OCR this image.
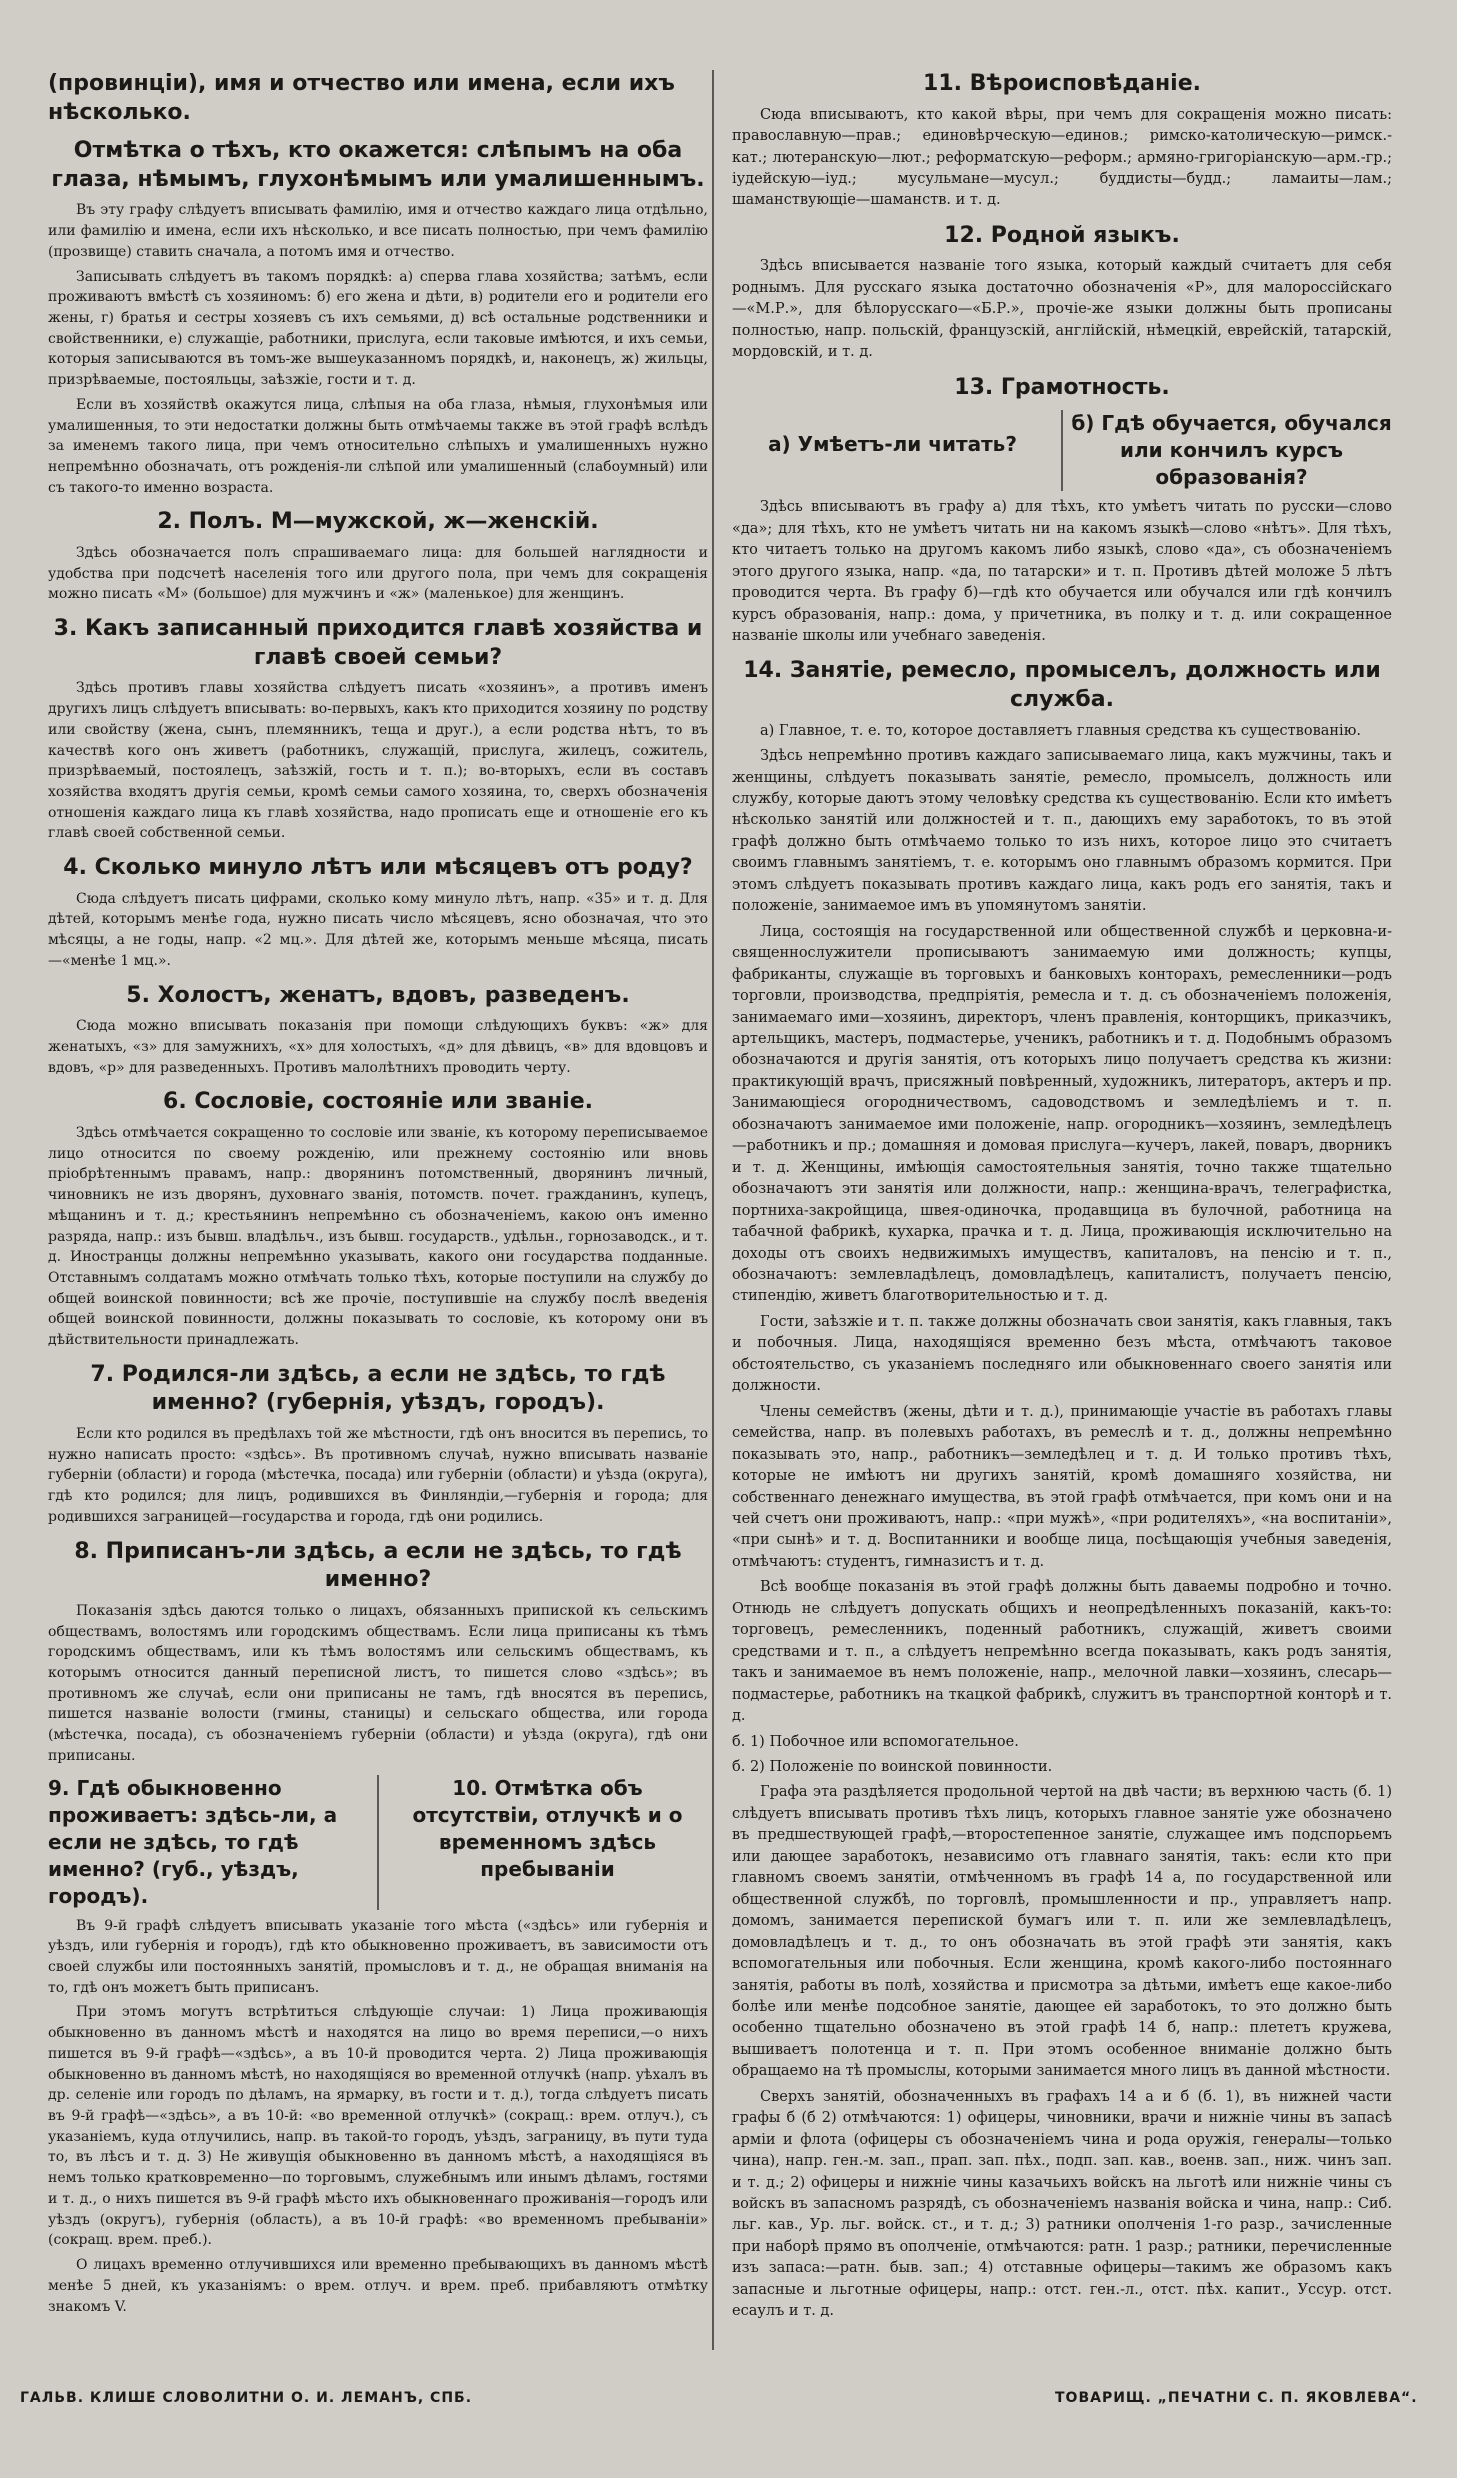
(провинціи), имя и отчество или имена, если ихъ нѣсколько.
Отмѣтка о тѣхъ, кто окажется: слѣпымъ на оба глаза, нѣмымъ, глухонѣмымъ или умалишеннымъ.

Въ эту графу слѣдуетъ вписывать фамилію, имя и отчество каждаго лица отдѣльно, или фамилію и имена, если ихъ нѣсколько, и все писать полностью, при чемъ фамилію (прозвище) ставить сначала, а потомъ имя и отчество.

Записывать слѣдуетъ въ такомъ порядкѣ: а) сперва глава хозяйства; затѣмъ, если проживаютъ вмѣстѣ съ хозяиномъ: б) его жена и дѣти, в) родители его и родители его жены, г) братья и сестры хозяевъ съ ихъ семьями, д) всѣ остальные родственники и свойственники, е) служащіе, работники, прислуга, если таковые имѣются, и ихъ семьи, которыя записываются въ томъ-же вышеуказанномъ порядкѣ, и, наконецъ, ж) жильцы, призрѣваемые, постояльцы, заѣзжіе, гости и т. д.

Если въ хозяйствѣ окажутся лица, слѣпыя на оба глаза, нѣмыя, глухонѣмыя или умалишенныя, то эти недостатки должны быть отмѣчаемы также въ этой графѣ вслѣдъ за именемъ такого лица, при чемъ относительно слѣпыхъ и умалишенныхъ нужно непремѣнно обозначать, отъ рожденія-ли слѣпой или умалишенный (слабоумный) или съ такого-то именно возраста.

2. Полъ. М—мужской, ж—женскій.

Здѣсь обозначается полъ спрашиваемаго лица: для большей наглядности и удобства при подсчетѣ населенія того или другого пола, при чемъ для сокращенія можно писать «М» (большое) для мужчинъ и «ж» (маленькое) для женщинъ.

3. Какъ записанный приходится главѣ хозяйства и главѣ своей семьи?

Здѣсь противъ главы хозяйства слѣдуетъ писать «хозяинъ», а противъ именъ другихъ лицъ слѣдуетъ вписывать: во-первыхъ, какъ кто приходится хозяину по родству или свойству (жена, сынъ, племянникъ, теща и друг.), а если родства нѣтъ, то въ качествѣ кого онъ живетъ (работникъ, служащій, прислуга, жилецъ, сожитель, призрѣваемый, постоялецъ, заѣзжій, гость и т. п.); во-вторыхъ, если въ составъ хозяйства входятъ другія семьи, кромѣ семьи самого хозяина, то, сверхъ обозначенія отношенія каждаго лица къ главѣ хозяйства, надо прописать еще и отношеніе его къ главѣ своей собственной семьи.

4. Сколько минуло лѣтъ или мѣсяцевъ отъ роду?

Сюда слѣдуетъ писать цифрами, сколько кому минуло лѣтъ, напр. «35» и т. д. Для дѣтей, которымъ менѣе года, нужно писать число мѣсяцевъ, ясно обозначая, что это мѣсяцы, а не годы, напр. «2 мц.». Для дѣтей же, которымъ меньше мѣсяца, писать—«менѣе 1 мц.».

5. Холостъ, женатъ, вдовъ, разведенъ.

Сюда можно вписывать показанія при помощи слѣдующихъ буквъ: «ж» для женатыхъ, «з» для замужнихъ, «х» для холостыхъ, «д» для дѣвицъ, «в» для вдовцовъ и вдовъ, «р» для разведенныхъ. Противъ малолѣтнихъ проводить черту.

6. Сословіе, состояніе или званіе.

Здѣсь отмѣчается сокращенно то сословіе или званіе, къ которому переписываемое лицо относится по своему рожденію, или прежнему состоянію или вновь пріобрѣтеннымъ правамъ, напр.: дворянинъ потомственный, дворянинъ личный, чиновникъ не изъ дворянъ, духовнаго званія, потомств. почет. гражданинъ, купецъ, мѣщанинъ и т. д.; крестьянинъ непремѣнно съ обозначеніемъ, какою онъ именно разряда, напр.: изъ бывш. владѣльч., изъ бывш. государств., удѣльн., горнозаводск., и т. д. Иностранцы должны непремѣнно указывать, какого они государства подданные. Отставнымъ солдатамъ можно отмѣчать только тѣхъ, которые поступили на службу до общей воинской повинности; всѣ же прочіе, поступившіе на службу послѣ введенія общей воинской повинности, должны показывать то сословіе, къ которому они въ дѣйствительности принадлежать.

7. Родился-ли здѣсь, а если не здѣсь, то гдѣ именно? (губернія, уѣздъ, городъ).

Если кто родился въ предѣлахъ той же мѣстности, гдѣ онъ вносится въ перепись, то нужно написать просто: «здѣсь». Въ противномъ случаѣ, нужно вписывать названіе губерніи (области) и города (мѣстечка, посада) или губерніи (области) и уѣзда (округа), гдѣ кто родился; для лицъ, родившихся въ Финляндіи,—губернія и города; для родившихся заграницей—государства и города, гдѣ они родились.

8. Приписанъ-ли здѣсь, а если не здѣсь, то гдѣ именно?

Показанія здѣсь даются только о лицахъ, обязанныхъ припиской къ сельскимъ обществамъ, волостямъ или городскимъ обществамъ. Если лица приписаны къ тѣмъ городскимъ обществамъ, или къ тѣмъ волостямъ или сельскимъ обществамъ, къ которымъ относится данный переписной листъ, то пишется слово «здѣсь»; въ противномъ же случаѣ, если они приписаны не тамъ, гдѣ вносятся въ перепись, пишется названіе волости (гмины, станицы) и сельскаго общества, или города (мѣстечка, посада), съ обозначеніемъ губерніи (области) и уѣзда (округа), гдѣ они приписаны.

9. Гдѣ обыкновенно проживаетъ: здѣсь-ли, а если не здѣсь, то гдѣ именно? (губ., уѣздъ, городъ).
10. Отмѣтка объ отсутствіи, отлучкѣ и о временномъ здѣсь пребываніи

Въ 9-й графѣ слѣдуетъ вписывать указаніе того мѣста («здѣсь» или губернія и уѣздъ, или губернія и городъ), гдѣ кто обыкновенно проживаетъ, въ зависимости отъ своей службы или постоянныхъ занятій, промысловъ и т. д., не обращая вниманія на то, гдѣ онъ можетъ быть приписанъ.

При этомъ могутъ встрѣтиться слѣдующіе случаи: 1) Лица проживающія обыкновенно въ данномъ мѣстѣ и находятся на лицо во время переписи,—о нихъ пишется въ 9-й графѣ—«здѣсь», а въ 10-й проводится черта. 2) Лица проживающія обыкновенно въ данномъ мѣстѣ, но находящіяся во временной отлучкѣ (напр. уѣхалъ въ др. селеніе или городъ по дѣламъ, на ярмарку, въ гости и т. д.), тогда слѣдуетъ писать въ 9-й графѣ—«здѣсь», а въ 10-й: «во временной отлучкѣ» (сокращ.: врем. отлуч.), съ указаніемъ, куда отлучились, напр. въ такой-то городъ, уѣздъ, заграницу, въ пути туда то, въ лѣсъ и т. д. 3) Не живущія обыкновенно въ данномъ мѣстѣ, а находящіяся въ немъ только кратковременно—по торговымъ, служебнымъ или инымъ дѣламъ, гостями и т. д., о нихъ пишется въ 9-й графѣ мѣсто ихъ обыкновеннаго проживанія—городъ или уѣздъ (округъ), губернія (область), а въ 10-й графѣ: «во временномъ пребываніи» (сокращ. врем. преб.).

О лицахъ временно отлучившихся или временно пребывающихъ въ данномъ мѣстѣ менѣе 5 дней, къ указаніямъ: о врем. отлуч. и врем. преб. прибавляютъ отмѣтку знакомъ V.

11. Вѣроисповѣданіе.

Сюда вписываютъ, кто какой вѣры, при чемъ для сокращенія можно писать: православную—прав.; единовѣрческую—единов.; римско-католическую—римск.-кат.; лютеранскую—лют.; реформатскую—реформ.; армяно-григоріанскую—арм.-гр.; іудейскую—іуд.; мусульмане—мусул.; буддисты—будд.; ламаиты—лам.; шаманствующіе—шаманств. и т. д.

12. Родной языкъ.

Здѣсь вписывается названіе того языка, который каждый считаетъ для себя роднымъ. Для русскаго языка достаточно обозначенія «Р», для малороссійскаго—«М.Р.», для бѣлорусскаго—«Б.Р.», прочіе-же языки должны быть прописаны полностью, напр. польскій, французскій, англійскій, нѣмецкій, еврейскій, татарскій, мордовскій, и т. д.

13. Грамотность.
а) Умѣетъ-ли читать?
б) Гдѣ обучается, обучался или кончилъ курсъ образованія?

Здѣсь вписываютъ въ графу а) для тѣхъ, кто умѣетъ читать по русски—слово «да»; для тѣхъ, кто не умѣетъ читать ни на какомъ языкѣ—слово «нѣтъ». Для тѣхъ, кто читаетъ только на другомъ какомъ либо языкѣ, слово «да», съ обозначеніемъ этого другого языка, напр. «да, по татарски» и т. п. Противъ дѣтей моложе 5 лѣтъ проводится черта. Въ графу б)—гдѣ кто обучается или обучался или гдѣ кончилъ курсъ образованія, напр.: дома, у причетника, въ полку и т. д. или сокращенное названіе школы или учебнаго заведенія.

14. Занятіе, ремесло, промыселъ, должность или служба.

а) Главное, т. е. то, которое доставляетъ главныя средства къ существованію.

Здѣсь непремѣнно противъ каждаго записываемаго лица, какъ мужчины, такъ и женщины, слѣдуетъ показывать занятіе, ремесло, промыселъ, должность или службу, которые даютъ этому человѣку средства къ существованію. Если кто имѣетъ нѣсколько занятій или должностей и т. п., дающихъ ему заработокъ, то въ этой графѣ должно быть отмѣчаемо только то изъ нихъ, которое лицо это считаетъ своимъ главнымъ занятіемъ, т. е. которымъ оно главнымъ образомъ кормится. При этомъ слѣдуетъ показывать противъ каждаго лица, какъ родъ его занятія, такъ и положеніе, занимаемое имъ въ упомянутомъ занятіи.

Лица, состоящія на государственной или общественной службѣ и церковна-и-священнослужители прописываютъ занимаемую ими должность; купцы, фабриканты, служащіе въ торговыхъ и банковыхъ конторахъ, ремесленники—родъ торговли, производства, предпріятія, ремесла и т. д. съ обозначеніемъ положенія, занимаемаго ими—хозяинъ, директоръ, членъ правленія, конторщикъ, приказчикъ, артельщикъ, мастеръ, подмастерье, ученикъ, работникъ и т. д. Подобнымъ образомъ обозначаются и другія занятія, отъ которыхъ лицо получаетъ средства къ жизни: практикующій врачъ, присяжный повѣренный, художникъ, литераторъ, актеръ и пр. Занимающіеся огородничествомъ, садоводствомъ и земледѣліемъ и т. п. обозначаютъ занимаемое ими положеніе, напр. огородникъ—хозяинъ, земледѣлецъ—работникъ и пр.; домашняя и домовая прислуга—кучеръ, лакей, поваръ, дворникъ и т. д. Женщины, имѣющія самостоятельныя занятія, точно также тщательно обозначаютъ эти занятія или должности, напр.: женщина-врачъ, телеграфистка, портниха-закройщица, швея-одиночка, продавщица въ булочной, работница на табачной фабрикѣ, кухарка, прачка и т. д. Лица, проживающія исключительно на доходы отъ своихъ недвижимыхъ имуществъ, капиталовъ, на пенсію и т. п., обозначаютъ: землевладѣлецъ, домовладѣлецъ, капиталистъ, получаетъ пенсію, стипендію, живетъ благотворительностью и т. д.

Гости, заѣзжіе и т. п. также должны обозначать свои занятія, какъ главныя, такъ и побочныя. Лица, находящіяся временно безъ мѣста, отмѣчаютъ таковое обстоятельство, съ указаніемъ последняго или обыкновеннаго своего занятія или должности.

Члены семействъ (жены, дѣти и т. д.), принимающіе участіе въ работахъ главы семейства, напр. въ полевыхъ работахъ, въ ремеслѣ и т. д., должны непремѣнно показывать это, напр., работникъ—земледѣлец и т. д. И только противъ тѣхъ, которые не имѣютъ ни другихъ занятій, кромѣ домашняго хозяйства, ни собственнаго денежнаго имущества, въ этой графѣ отмѣчается, при комъ они и на чей счетъ они проживаютъ, напр.: «при мужѣ», «при родителяхъ», «на воспитаніи», «при сынѣ» и т. д. Воспитанники и вообще лица, посѣщающія учебныя заведенія, отмѣчаютъ: студентъ, гимназистъ и т. д.

Всѣ вообще показанія въ этой графѣ должны быть даваемы подробно и точно. Отнюдь не слѣдуетъ допускать общихъ и неопредѣленныхъ показаній, какъ-то: торговецъ, ремесленникъ, поденный работникъ, служащій, живетъ своими средствами и т. п., а слѣдуетъ непремѣнно всегда показывать, какъ родъ занятія, такъ и занимаемое въ немъ положеніе, напр., мелочной лавки—хозяинъ, слесарь—подмастерье, работникъ на ткацкой фабрикѣ, служитъ въ транспортной конторѣ и т. д.

б. 1) Побочное или вспомогательное.

б. 2) Положеніе по воинской повинности.

Графа эта раздѣляется продольной чертой на двѣ части; въ верхнюю часть (б. 1) слѣдуетъ вписывать противъ тѣхъ лицъ, которыхъ главное занятіе уже обозначено въ предшествующей графѣ,—второстепенное занятіе, служащее имъ подспорьемъ или дающее заработокъ, независимо отъ главнаго занятія, такъ: если кто при главномъ своемъ занятіи, отмѣченномъ въ графѣ 14 а, по государственной или общественной службѣ, по торговлѣ, промышленности и пр., управляетъ напр. домомъ, занимается перепиской бумагъ или т. п. или же землевладѣлецъ, домовладѣлецъ и т. д., то онъ обозначать въ этой графѣ эти занятія, какъ вспомогательныя или побочныя. Если женщина, кромѣ какого-либо постояннаго занятія, работы въ полѣ, хозяйства и присмотра за дѣтьми, имѣетъ еще какое-либо болѣе или менѣе подсобное занятіе, дающее ей заработокъ, то это должно быть особенно тщательно обозначено въ этой графѣ 14 б, напр.: плететъ кружева, вышиваетъ полотенца и т. п. При этомъ особенное вниманіе должно быть обращаемо на тѣ промыслы, которыми занимается много лицъ въ данной мѣстности.

Сверхъ занятій, обозначенныхъ въ графахъ 14 а и б (б. 1), въ нижней части графы б (б 2) отмѣчаются: 1) офицеры, чиновники, врачи и нижніе чины въ запасѣ арміи и флота (офицеры съ обозначеніемъ чина и рода оружія, генералы—только чина), напр. ген.-м. зап., прап. зап. пѣх., подп. зап. кав., военв. зап., ниж. чинъ зап. и т. д.; 2) офицеры и нижніе чины казачьихъ войскъ на льготѣ или нижніе чины съ войскъ въ запасномъ разрядѣ, съ обозначеніемъ названія войска и чина, напр.: Сиб. льг. кав., Ур. льг. войск. ст., и т. д.; 3) ратники ополченія 1-го разр., зачисленные при наборѣ прямо въ ополченіе, отмѣчаются: ратн. 1 разр.; ратники, перечисленные изъ запаса:—ратн. быв. зап.; 4) отставные офицеры—такимъ же образомъ какъ запасные и льготные офицеры, напр.: отст. ген.-л., отст. пѣх. капит., Уссур. отст. есаулъ и т. д.

ГАЛЬВ. КЛИШЕ СЛОВОЛИТНИ О. И. ЛЕМАНЪ, СПБ.	ТОВАРИЩ. „ПЕЧАТНИ С. П. ЯКОВЛЕВА“.
